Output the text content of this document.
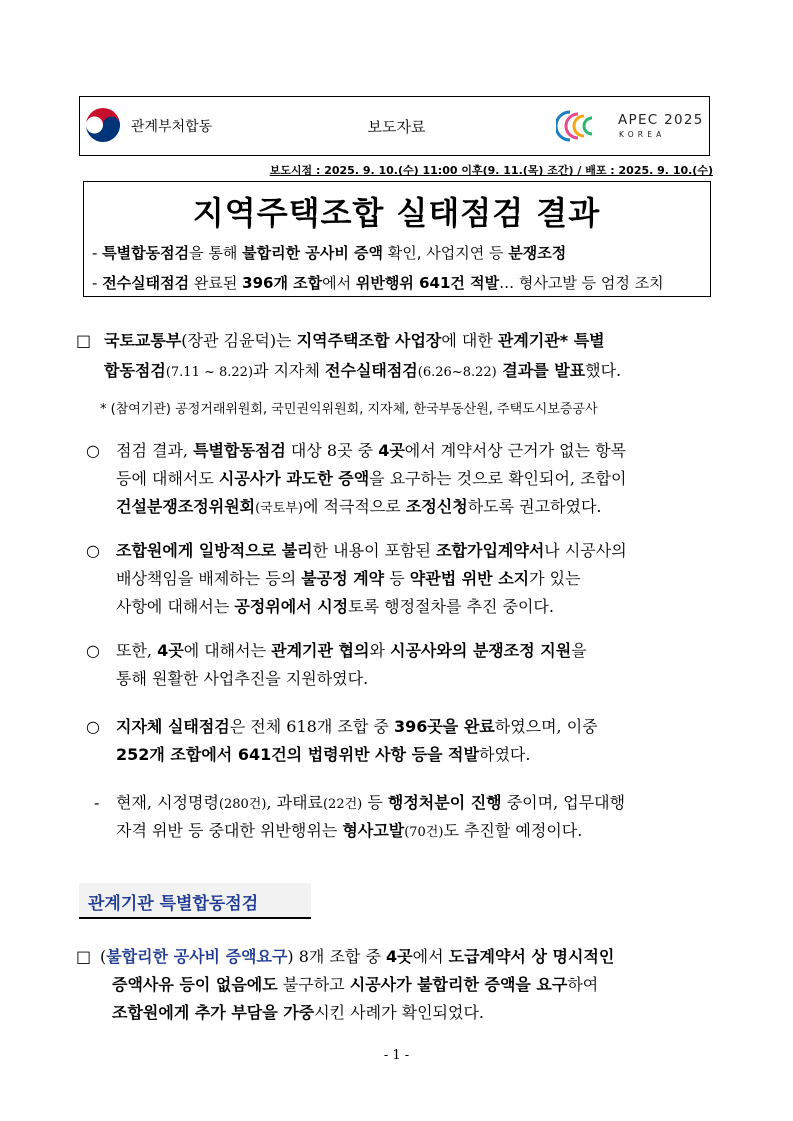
관계부처합동	보도자료	APEC 2025
KOREA
보도시점 : 2025. 9. 10.(수) 11:00 이후(9. 11.(목) 조간) / 배포 : 2025. 9. 10.(수)
지역주택조합 실태점검 결과
- 특별합동점검을 통해 불합리한 공사비 증액 확인, 사업지연 등 분쟁조정
- 전수실태점검 완료된 396개 조합에서 위반행위 641건 적발… 형사고발 등 엄정 조치
□ 국토교통부(장관 김윤덕)는 지역주택조합 사업장에 대한 관계기관* 특별
합동점검(7.11 ~ 8.22)과 지자체 전수실태점검(6.26~8.22) 결과를 발표했다.
* (참여기관) 공정거래위원회, 국민권익위원회, 지자체, 한국부동산원, 주택도시보증공사
○ 점검 결과, 특별합동점검 대상 8곳 중 4곳에서 계약서상 근거가 없는 항목
등에 대해서도 시공사가 과도한 증액을 요구하는 것으로 확인되어, 조합이
건설분쟁조정위원회(국토부)에 적극적으로 조정신청하도록 권고하였다.
○ 조합원에게 일방적으로 불리한 내용이 포함된 조합가입계약서나 시공사의
배상책임을 배제하는 등의 불공정 계약 등 약관법 위반 소지가 있는
사항에 대해서는 공정위에서 시정토록 행정절차를 추진 중이다.
○ 또한, 4곳에 대해서는 관계기관 협의와 시공사와의 분쟁조정 지원을
통해 원활한 사업추진을 지원하였다.
○ 지자체 실태점검은 전체 618개 조합 중 396곳을 완료하였으며, 이중
252개 조합에서 641건의 법령위반 사항 등을 적발하였다.
- 현재, 시정명령(280건), 과태료(22건) 등 행정처분이 진행 중이며, 업무대행
자격 위반 등 중대한 위반행위는 형사고발(70건)도 추진할 예정이다.
관계기관 특별합동점검
□ (불합리한 공사비 증액요구) 8개 조합 중 4곳에서 도급계약서 상 명시적인
증액사유 등이 없음에도 불구하고 시공사가 불합리한 증액을 요구하여
조합원에게 추가 부담을 가중시킨 사례가 확인되었다.
- 1 -
